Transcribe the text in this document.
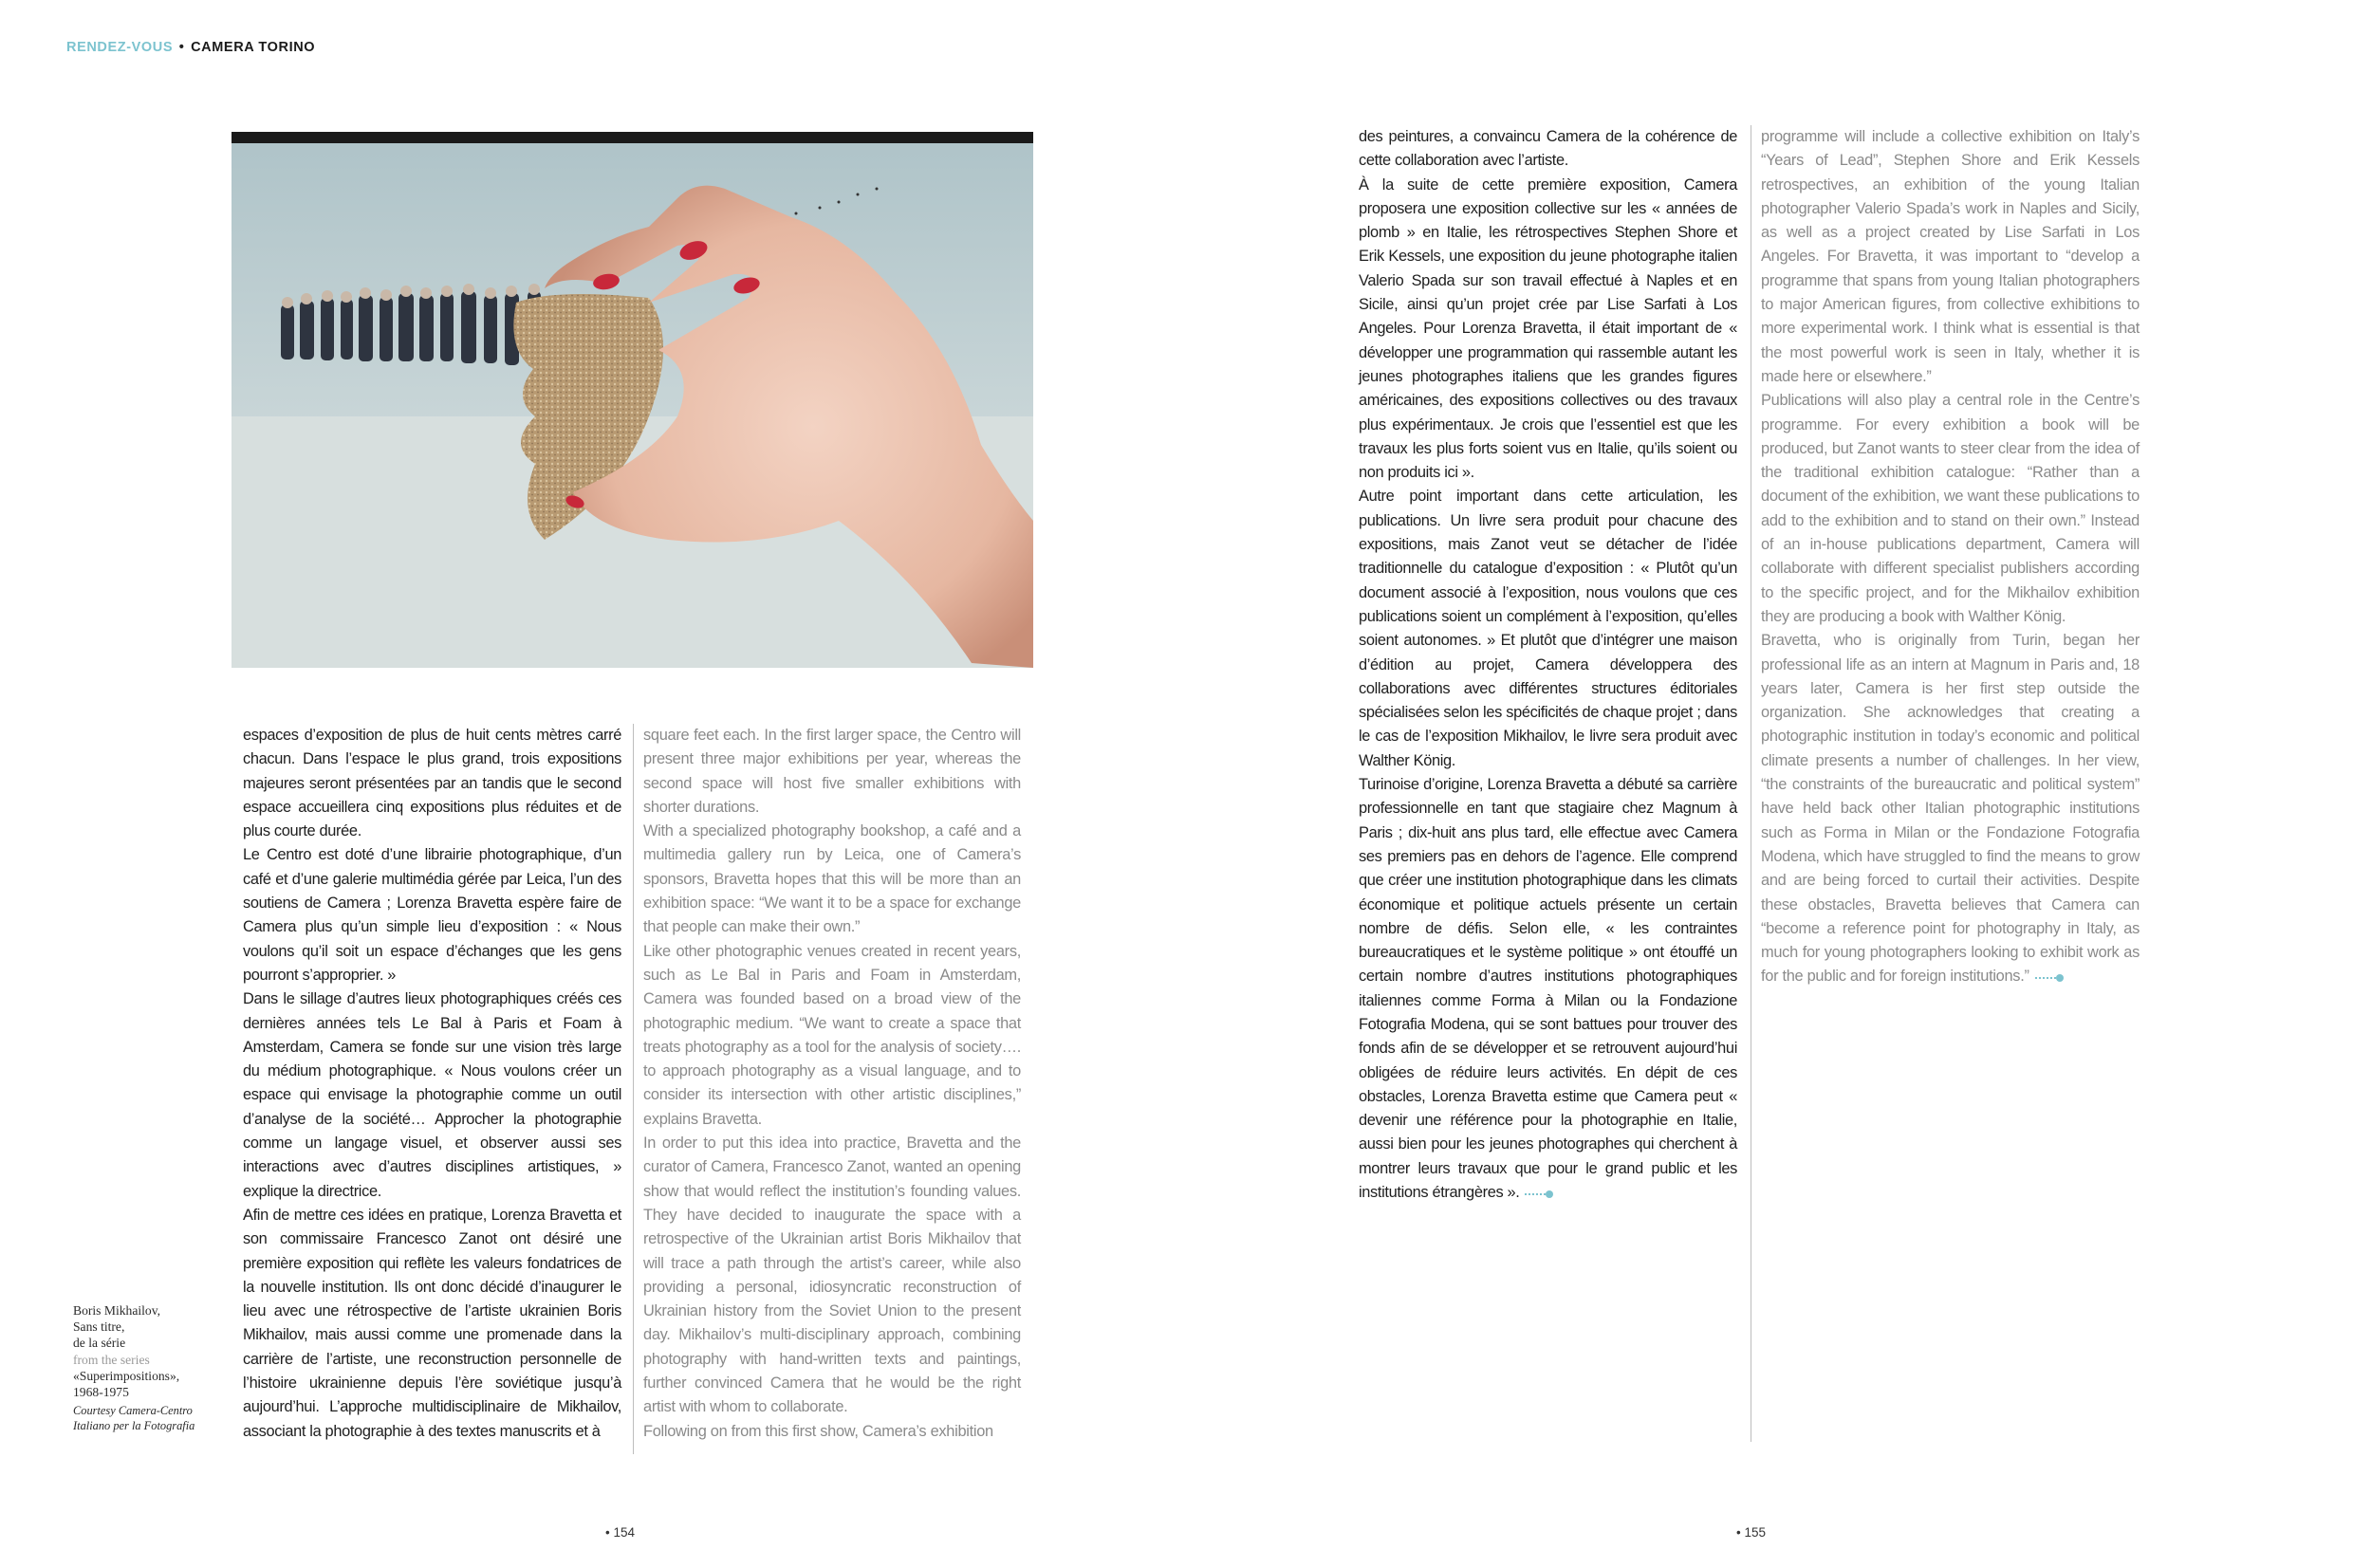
RENDEZ-VOUS • CAMERA TORINO

espaces d’exposition de plus de huit cents mètres carré chacun. Dans l’espace le plus grand, trois expositions majeures seront présentées par an tandis que le second espace accueillera cinq expositions plus réduites et de plus courte durée.

Le Centro est doté d’une librairie photographique, d’un café et d’une galerie multimédia gérée par Leica, l’un des soutiens de Camera ; Lorenza Bravetta espère faire de Camera plus qu’un simple lieu d’exposition : « Nous voulons qu’il soit un espace d’échanges que les gens pourront s’approprier. »

Dans le sillage d’autres lieux photographiques créés ces dernières années tels Le Bal à Paris et Foam à Amsterdam, Camera se fonde sur une vision très large du médium photographique. « Nous voulons créer un espace qui envisage la photographie comme un outil d’analyse de la société… Approcher la photographie comme un langage visuel, et observer aussi ses interactions avec d’autres disciplines artistiques, » explique la directrice.

Afin de mettre ces idées en pratique, Lorenza Bravetta et son commissaire Francesco Zanot ont désiré une première exposition qui reflète les valeurs fondatrices de la nouvelle institution. Ils ont donc décidé d’inaugurer le lieu avec une rétrospective de l’artiste ukrainien Boris Mikhailov, mais aussi comme une promenade dans la carrière de l’artiste, une reconstruction personnelle de l’histoire ukrainienne depuis l’ère soviétique jusqu’à aujourd’hui. L’approche multidisciplinaire de Mikhailov, associant la photographie à des textes manuscrits et à

square feet each. In the first larger space, the Centro will present three major exhibitions per year, whereas the second space will host five smaller exhibitions with shorter durations.

With a specialized photography bookshop, a café and a multimedia gallery run by Leica, one of Camera’s sponsors, Bravetta hopes that this will be more than an exhibition space: “We want it to be a space for exchange that people can make their own.”

Like other photographic venues created in recent years, such as Le Bal in Paris and Foam in Amsterdam, Camera was founded based on a broad view of the photographic medium. “We want to create a space that treats photography as a tool for the analysis of society…. to approach photography as a visual language, and to consider its intersection with other artistic disciplines,” explains Bravetta.

In order to put this idea into practice, Bravetta and the curator of Camera, Francesco Zanot, wanted an opening show that would reflect the institution’s founding values. They have decided to inaugurate the space with a retrospective of the Ukrainian artist Boris Mikhailov that will trace a path through the artist’s career, while also providing a personal, idiosyncratic reconstruction of Ukrainian history from the Soviet Union to the present day. Mikhailov’s multi-disciplinary approach, combining photography with hand-written texts and paintings, further convinced Camera that he would be the right artist with whom to collaborate.

Following on from this first show, Camera’s exhibition

Boris Mikhailov,
Sans titre,
de la série
from the series
«Superimpositions»,
1968-1975
Courtesy Camera-Centro Italiano per la Fotografia
• 154

des peintures, a convaincu Camera de la cohérence de cette collaboration avec l’artiste.

À la suite de cette première exposition, Camera proposera une exposition collective sur les « années de plomb » en Italie, les rétrospectives Stephen Shore et Erik Kessels, une exposition du jeune photographe italien Valerio Spada sur son travail effectué à Naples et en Sicile, ainsi qu’un projet crée par Lise Sarfati à Los Angeles. Pour Lorenza Bravetta, il était important de « développer une programmation qui rassemble autant les jeunes photographes italiens que les grandes figures américaines, des expositions collectives ou des travaux plus expérimentaux. Je crois que l’essentiel est que les travaux les plus forts soient vus en Italie, qu’ils soient ou non produits ici ».

Autre point important dans cette articulation, les publications. Un livre sera produit pour chacune des expositions, mais Zanot veut se détacher de l’idée traditionnelle du catalogue d’exposition : « Plutôt qu’un document associé à l’exposition, nous voulons que ces publications soient un complément à l’exposition, qu’elles soient autonomes. » Et plutôt que d’intégrer une maison d’édition au projet, Camera développera des collaborations avec différentes structures éditoriales spécialisées selon les spécificités de chaque projet ; dans le cas de l’exposition Mikhailov, le livre sera produit avec Walther König.

Turinoise d’origine, Lorenza Bravetta a débuté sa carrière professionnelle en tant que stagiaire chez Magnum à Paris ; dix-huit ans plus tard, elle effectue avec Camera ses premiers pas en dehors de l’agence. Elle comprend que créer une institution photographique dans les climats économique et politique actuels présente un certain nombre de défis. Selon elle, « les contraintes bureaucratiques et le système politique » ont étouffé un certain nombre d’autres institutions photographiques italiennes comme Forma à Milan ou la Fondazione Fotografia Modena, qui se sont battues pour trouver des fonds afin de se développer et se retrouvent aujourd’hui obligées de réduire leurs activités. En dépit de ces obstacles, Lorenza Bravetta estime que Camera peut « devenir une référence pour la photographie en Italie, aussi bien pour les jeunes photographes qui cherchent à montrer leurs travaux que pour le grand public et les institutions étrangères ».

programme will include a collective exhibition on Italy’s “Years of Lead”, Stephen Shore and Erik Kessels retrospectives, an exhibition of the young Italian photographer Valerio Spada’s work in Naples and Sicily, as well as a project created by Lise Sarfati in Los Angeles. For Bravetta, it was important to “develop a programme that spans from young Italian photographers to major American figures, from collective exhibitions to more experimental work. I think what is essential is that the most powerful work is seen in Italy, whether it is made here or elsewhere.”

Publications will also play a central role in the Centre’s programme. For every exhibition a book will be produced, but Zanot wants to steer clear from the idea of the traditional exhibition catalogue: “Rather than a document of the exhibition, we want these publications to add to the exhibition and to stand on their own.” Instead of an in-house publications department, Camera will collaborate with different specialist publishers according to the specific project, and for the Mikhailov exhibition they are producing a book with Walther König.

Bravetta, who is originally from Turin, began her professional life as an intern at Magnum in Paris and, 18 years later, Camera is her first step outside the organization. She acknowledges that creating a photographic institution in today’s economic and political climate presents a number of challenges. In her view, “the constraints of the bureaucratic and political system” have held back other Italian photographic institutions such as Forma in Milan or the Fondazione Fotografia Modena, which have struggled to find the means to grow and are being forced to curtail their activities. Despite these obstacles, Bravetta believes that Camera can “become a reference point for photography in Italy, as much for young photographers looking to exhibit work as for the public and for foreign institutions.”

• 155
